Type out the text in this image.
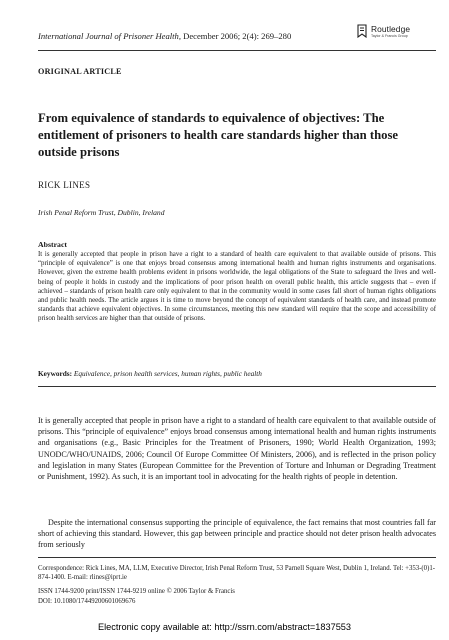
International Journal of Prisoner Health, December 2006; 2(4): 269–280
Routledge
Taylor & Francis Group
ORIGINAL ARTICLE
From equivalence of standards to equivalence of objectives: The entitlement of prisoners to health care standards higher than those outside prisons
RICK LINES
Irish Penal Reform Trust, Dublin, Ireland
Abstract

It is generally accepted that people in prison have a right to a standard of health care equivalent to that available outside of prisons. This “principle of equivalence” is one that enjoys broad consensus among international health and human rights instruments and organisations. However, given the extreme health problems evident in prisons worldwide, the legal obligations of the State to safeguard the lives and well-being of people it holds in custody and the implications of poor prison health on overall public health, this article suggests that – even if achieved – standards of prison health care only equivalent to that in the community would in some cases fall short of human rights obligations and public health needs. The article argues it is time to move beyond the concept of equivalent standards of health care, and instead promote standards that achieve equivalent objectives. In some circumstances, meeting this new standard will require that the scope and accessibility of prison health services are higher than that outside of prisons.

Keywords: Equivalence, prison health services, human rights, public health

It is generally accepted that people in prison have a right to a standard of health care equivalent to that available outside of prisons. This “principle of equivalence” enjoys broad consensus among international health and human rights instruments and organisations (e.g., Basic Principles for the Treatment of Prisoners, 1990; World Health Organization, 1993; UNODC/WHO/UNAIDS, 2006; Council Of Europe Committee Of Ministers, 2006), and is reflected in the prison policy and legislation in many States (European Committee for the Prevention of Torture and Inhuman or Degrading Treatment or Punishment, 1992). As such, it is an important tool in advocating for the health rights of people in detention.

Despite the international consensus supporting the principle of equivalence, the fact remains that most countries fall far short of achieving this standard. However, this gap between principle and practice should not deter prison health advocates from seriously

Correspondence: Rick Lines, MA, LLM, Executive Director, Irish Penal Reform Trust, 53 Parnell Square West, Dublin 1, Ireland. Tel: +353-(0)1-874-1400. E-mail: rlines@iprt.ie

ISSN 1744-9200 print/ISSN 1744-9219 online © 2006 Taylor & Francis
DOI: 10.1080/17449200601069676
Electronic copy available at: http://ssrn.com/abstract=1837553
